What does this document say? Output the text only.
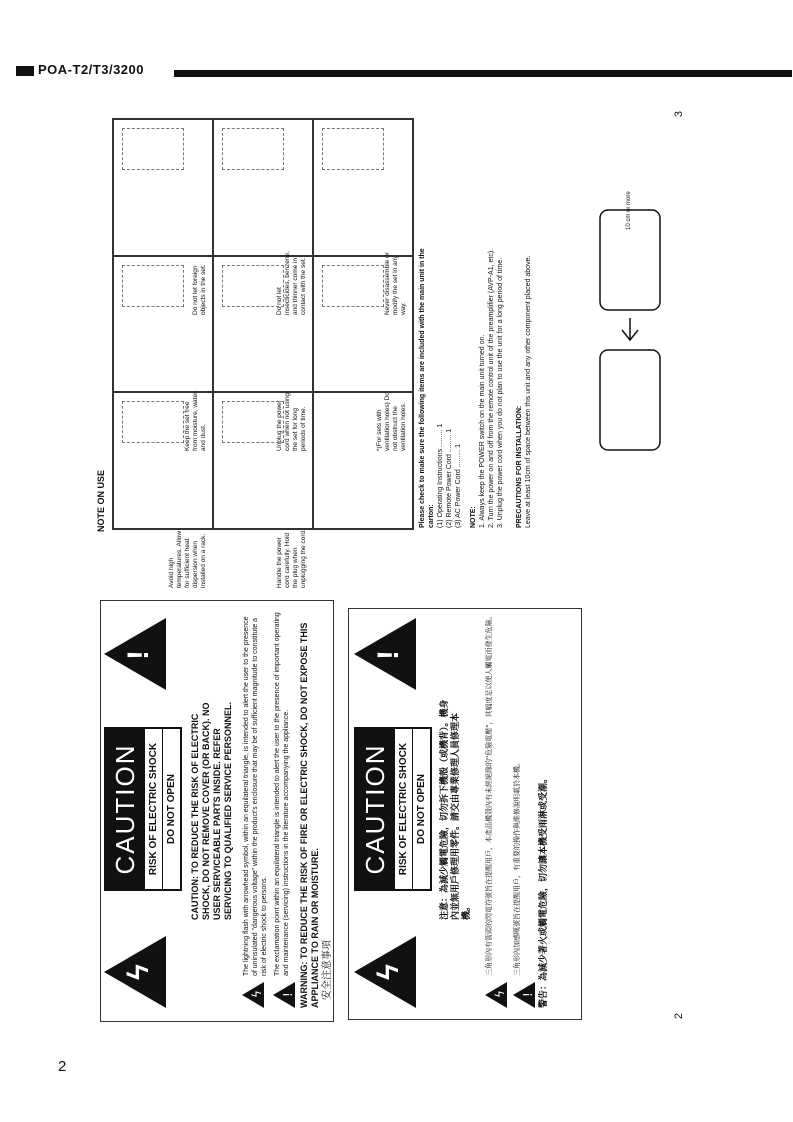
POA-T2/T3/3200
2
2
3
ϟ
CAUTION RISK OF ELECTRIC SHOCK DO NOT OPEN	CAUTION: TO REDUCE THE RISK OF ELECTRIC SHOCK, DO NOT REMOVE COVER (OR BACK). NO USER SERVICEABLE PARTS INSIDE. REFER SERVICING TO QUALIFIED SERVICE PERSONNEL.
!
ϟ
The lightning flash with arrowhead symbol, within an equilateral triangle, is intended to alert the user to the presence of uninsulated "dangerous voltage" within the product's enclosure that may be of sufficient magnitude to constitute a risk of electric shock to persons.
!
The exclamation point within an equilateral triangle is intended to alert the user to the presence of important operating and maintenance (servicing) instructions in the literature accompanying the appliance.	WARNING: TO REDUCE THE RISK OF FIRE OR ELECTRIC SHOCK, DO NOT EXPOSE THIS APPLIANCE TO RAIN OR MOISTURE. 安全注意事項 ϟ
CAUTION RISK OF ELECTRIC SHOCK DO NOT OPEN	注意：為減少觸電危險，切勿拆下機殼（或機背）。機身內並無用戶修理用零件。請交由專業修理人員修理本機。
!
ϟ
三角形內有箭頭的閃電符號旨在提醒用戶，本產品機殼內有未經絕緣的"危險電壓"，其幅度足以使人觸電而發生危險。
!
三角形內加感嘆號旨在提醒用戶，有重要的操作與維修說明載於本機。	警告：為減少著火或觸電危險，切勿讓本機受雨淋或受潮。
NOTE ON USE
Do not let foreign objects in the set.	Do not let insecticides, benzene, and thinner come in contact with the set.	Never disassemble or modify the set in any way.
Keep the set free from moisture, water, and dust.	Unplug the power cord when not using the set for long periods of time.	*(For sets with ventilation holes) Do not obstruct the ventilation holes.
Avoid high temperatures. Allow for sufficient heat dispersion when installed on a rack.	Handle the power cord carefully. Hold the plug when unplugging the cord.
Please check to make sure the following items are included with the main unit in the carton: (1) Operating Instructions ......... 1 (2) Remote Power Cord ......... 1 (3) AC Power Cord ......... 1 NOTE: 1. Always keep the POWER switch on the main unit turned on. 2. Turn the power on and off from the remote control unit of the preamplifier (AVP-A1, etc). 3. Unplug the power cord when you do not plan to use the unit for a long period of time. PRECAUTIONS FOR INSTALLATION: Leave at least 10cm of space between this unit and any other component placed above.
10 cm or more
